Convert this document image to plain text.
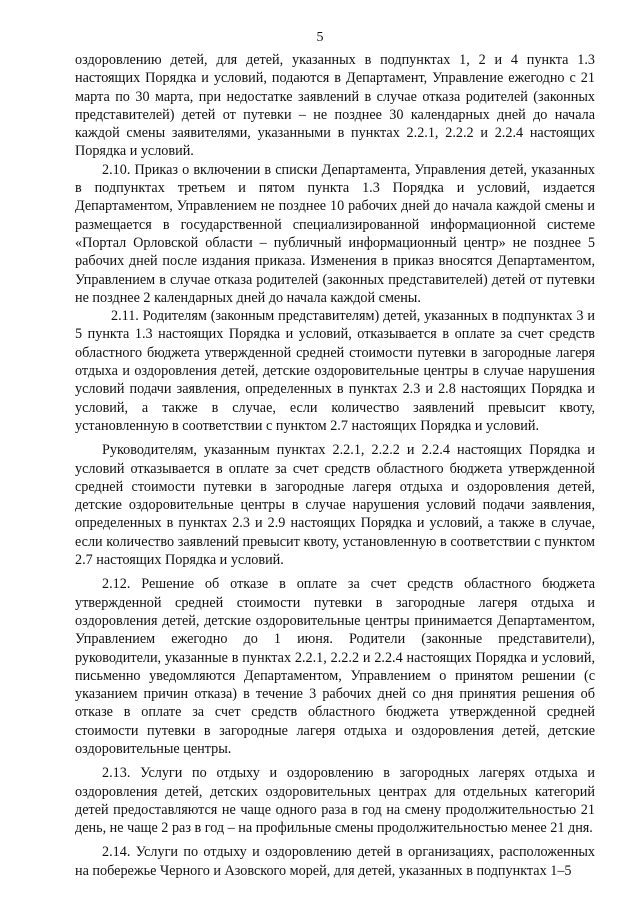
5

оздоровлению детей, для детей, указанных в подпунктах 1, 2 и 4 пункта 1.3 настоящих Порядка и условий, подаются в Департамент, Управление ежегодно с 21 марта по 30 марта, при недостатке заявлений в случае отказа родителей (законных представителей) детей от путевки – не позднее 30 календарных дней до начала каждой смены заявителями, указанными в пунктах 2.2.1, 2.2.2 и 2.2.4 настоящих Порядка и условий.

2.10. Приказ о включении в списки Департамента, Управления детей, указанных в подпунктах третьем и пятом пункта 1.3 Порядка и условий, издается Департаментом, Управлением не позднее 10 рабочих дней до начала каждой смены и размещается в государственной специализированной информационной системе «Портал Орловской области – публичный информационный центр» не позднее 5 рабочих дней после издания приказа. Изменения в приказ вносятся Департаментом, Управлением в случае отказа родителей (законных представителей) детей от путевки не позднее 2 календарных дней до начала каждой смены.

2.11. Родителям (законным представителям) детей, указанных в подпунктах 3 и 5 пункта 1.3 настоящих Порядка и условий, отказывается в оплате за счет средств областного бюджета утвержденной средней стоимости путевки в загородные лагеря отдыха и оздоровления детей, детские оздоровительные центры в случае нарушения условий подачи заявления, определенных в пунктах 2.3 и 2.8 настоящих Порядка и условий, а также в случае, если количество заявлений превысит квоту, установленную в соответствии с пунктом 2.7 настоящих Порядка и условий.

Руководителям, указанным пунктах 2.2.1, 2.2.2 и 2.2.4 настоящих Порядка и условий отказывается в оплате за счет средств областного бюджета утвержденной средней стоимости путевки в загородные лагеря отдыха и оздоровления детей, детские оздоровительные центры в случае нарушения условий подачи заявления, определенных в пунктах 2.3 и 2.9 настоящих Порядка и условий, а также в случае, если количество заявлений превысит квоту, установленную в соответствии с пунктом 2.7 настоящих Порядка и условий.

2.12. Решение об отказе в оплате за счет средств областного бюджета утвержденной средней стоимости путевки в загородные лагеря отдыха и оздоровления детей, детские оздоровительные центры принимается Департаментом, Управлением ежегодно до 1 июня. Родители (законные представители), руководители, указанные в пунктах 2.2.1, 2.2.2 и 2.2.4 настоящих Порядка и условий, письменно уведомляются Департаментом, Управлением о принятом решении (с указанием причин отказа) в течение 3 рабочих дней со дня принятия решения об отказе в оплате за счет средств областного бюджета утвержденной средней стоимости путевки в загородные лагеря отдыха и оздоровления детей, детские оздоровительные центры.

2.13. Услуги по отдыху и оздоровлению в загородных лагерях отдыха и оздоровления детей, детских оздоровительных центрах для отдельных категорий детей предоставляются не чаще одного раза в год на смену продолжительностью 21 день, не чаще 2 раз в год – на профильные смены продолжительностью менее 21 дня.

2.14. Услуги по отдыху и оздоровлению детей в организациях, расположенных на побережье Черного и Азовского морей, для детей, указанных в подпунктах 1–5
